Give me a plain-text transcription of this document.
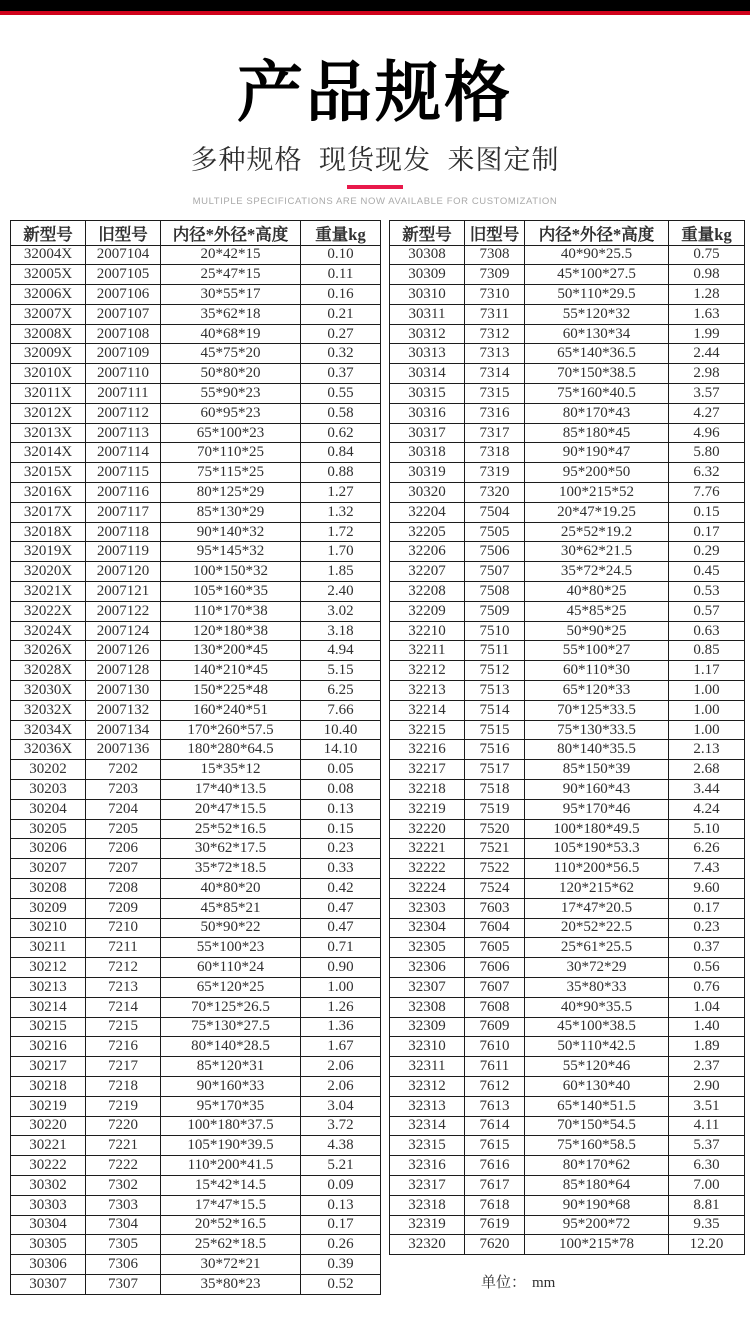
产品规格
多种规格 现货现发 来图定制
MULTIPLE SPECIFICATIONS ARE NOW AVAILABLE FOR CUSTOMIZATION
新型号	旧型号	内径*外径*高度	重量kg
32004X	2007104	20*42*15	0.10
32005X	2007105	25*47*15	0.11
32006X	2007106	30*55*17	0.16
32007X	2007107	35*62*18	0.21
32008X	2007108	40*68*19	0.27
32009X	2007109	45*75*20	0.32
32010X	2007110	50*80*20	0.37
32011X	2007111	55*90*23	0.55
32012X	2007112	60*95*23	0.58
32013X	2007113	65*100*23	0.62
32014X	2007114	70*110*25	0.84
32015X	2007115	75*115*25	0.88
32016X	2007116	80*125*29	1.27
32017X	2007117	85*130*29	1.32
32018X	2007118	90*140*32	1.72
32019X	2007119	95*145*32	1.70
32020X	2007120	100*150*32	1.85
32021X	2007121	105*160*35	2.40
32022X	2007122	110*170*38	3.02
32024X	2007124	120*180*38	3.18
32026X	2007126	130*200*45	4.94
32028X	2007128	140*210*45	5.15
32030X	2007130	150*225*48	6.25
32032X	2007132	160*240*51	7.66
32034X	2007134	170*260*57.5	10.40
32036X	2007136	180*280*64.5	14.10
30202	7202	15*35*12	0.05
30203	7203	17*40*13.5	0.08
30204	7204	20*47*15.5	0.13
30205	7205	25*52*16.5	0.15
30206	7206	30*62*17.5	0.23
30207	7207	35*72*18.5	0.33
30208	7208	40*80*20	0.42
30209	7209	45*85*21	0.47
30210	7210	50*90*22	0.47
30211	7211	55*100*23	0.71
30212	7212	60*110*24	0.90
30213	7213	65*120*25	1.00
30214	7214	70*125*26.5	1.26
30215	7215	75*130*27.5	1.36
30216	7216	80*140*28.5	1.67
30217	7217	85*120*31	2.06
30218	7218	90*160*33	2.06
30219	7219	95*170*35	3.04
30220	7220	100*180*37.5	3.72
30221	7221	105*190*39.5	4.38
30222	7222	110*200*41.5	5.21
30302	7302	15*42*14.5	0.09
30303	7303	17*47*15.5	0.13
30304	7304	20*52*16.5	0.17
30305	7305	25*62*18.5	0.26
30306	7306	30*72*21	0.39
30307	7307	35*80*23	0.52
新型号	旧型号	内径*外径*高度	重量kg
30308	7308	40*90*25.5	0.75
30309	7309	45*100*27.5	0.98
30310	7310	50*110*29.5	1.28
30311	7311	55*120*32	1.63
30312	7312	60*130*34	1.99
30313	7313	65*140*36.5	2.44
30314	7314	70*150*38.5	2.98
30315	7315	75*160*40.5	3.57
30316	7316	80*170*43	4.27
30317	7317	85*180*45	4.96
30318	7318	90*190*47	5.80
30319	7319	95*200*50	6.32
30320	7320	100*215*52	7.76
32204	7504	20*47*19.25	0.15
32205	7505	25*52*19.2	0.17
32206	7506	30*62*21.5	0.29
32207	7507	35*72*24.5	0.45
32208	7508	40*80*25	0.53
32209	7509	45*85*25	0.57
32210	7510	50*90*25	0.63
32211	7511	55*100*27	0.85
32212	7512	60*110*30	1.17
32213	7513	65*120*33	1.00
32214	7514	70*125*33.5	1.00
32215	7515	75*130*33.5	1.00
32216	7516	80*140*35.5	2.13
32217	7517	85*150*39	2.68
32218	7518	90*160*43	3.44
32219	7519	95*170*46	4.24
32220	7520	100*180*49.5	5.10
32221	7521	105*190*53.3	6.26
32222	7522	110*200*56.5	7.43
32224	7524	120*215*62	9.60
32303	7603	17*47*20.5	0.17
32304	7604	20*52*22.5	0.23
32305	7605	25*61*25.5	0.37
32306	7606	30*72*29	0.56
32307	7607	35*80*33	0.76
32308	7608	40*90*35.5	1.04
32309	7609	45*100*38.5	1.40
32310	7610	50*110*42.5	1.89
32311	7611	55*120*46	2.37
32312	7612	60*130*40	2.90
32313	7613	65*140*51.5	3.51
32314	7614	70*150*54.5	4.11
32315	7615	75*160*58.5	5.37
32316	7616	80*170*62	6.30
32317	7617	85*180*64	7.00
32318	7618	90*190*68	8.81
32319	7619	95*200*72	9.35
32320	7620	100*215*78	12.20
单位： mm
